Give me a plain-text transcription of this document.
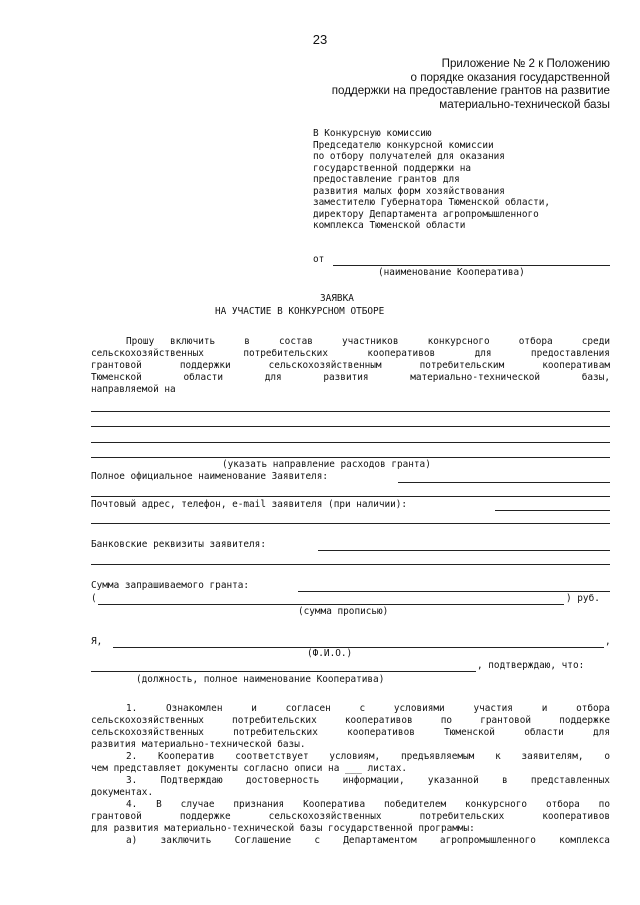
23
Приложение № 2 к Положению
о порядке оказания государственной
поддержки на предоставление грантов на развитие
материально-технической базы
В Конкурсную комиссию
Председателю конкурсной комиссии
по отбору получателей для оказания
государственной поддержки на
предоставление грантов для
развития малых форм хозяйствования
заместителю Губернатора Тюменской области,
директору Департамента агропромышленного
комплекса Тюменской области
от
(наименование Кооператива)
ЗАЯВКА
НА УЧАСТИЕ В КОНКУРСНОМ ОТБОРЕ
Прошу включить	в	состав	участников	конкурсного	отбора	среди
сельскохозяйственных	потребительских	кооперативов	для	предоставления
грантовой	поддержки	сельскохозяйственным	потребительским	кооперативам
Тюменской	области	для	развития	материально-технической	базы,
направляемой на
(указать направление расходов гранта)
Полное официальное наименование Заявителя:
Почтовый адрес, телефон, e-mail заявителя (при наличии):
Банковские реквизиты заявителя:
Сумма запрашиваемого гранта:
(	) руб.
(сумма прописью)
Я,	,
(Ф.И.О.)
, подтверждаю, что:
(должность, полное наименование Кооператива)
1.	Ознакомлен	и	согласен	с	условиями	участия	и	отбора
сельскохозяйственных	потребительских	кооперативов	по	грантовой	поддержке
сельскохозяйственных	потребительских	кооперативов	Тюменской	области	для
развития материально-технической базы.
2. Кооператив соответствует условиям, предъявляемым к заявителям, о
чем представляет документы согласно описи на ___ листах.
3. Подтверждаю достоверность информации, указанной в представленных
документах.
4. В случае признания Кооператива победителем конкурсного отбора по
грантовой	поддержке	сельскохозяйственных	потребительских	кооперативов
для развития материально-технической базы государственной программы:
а) заключить Соглашение с Департаментом агропромышленного комплекса
